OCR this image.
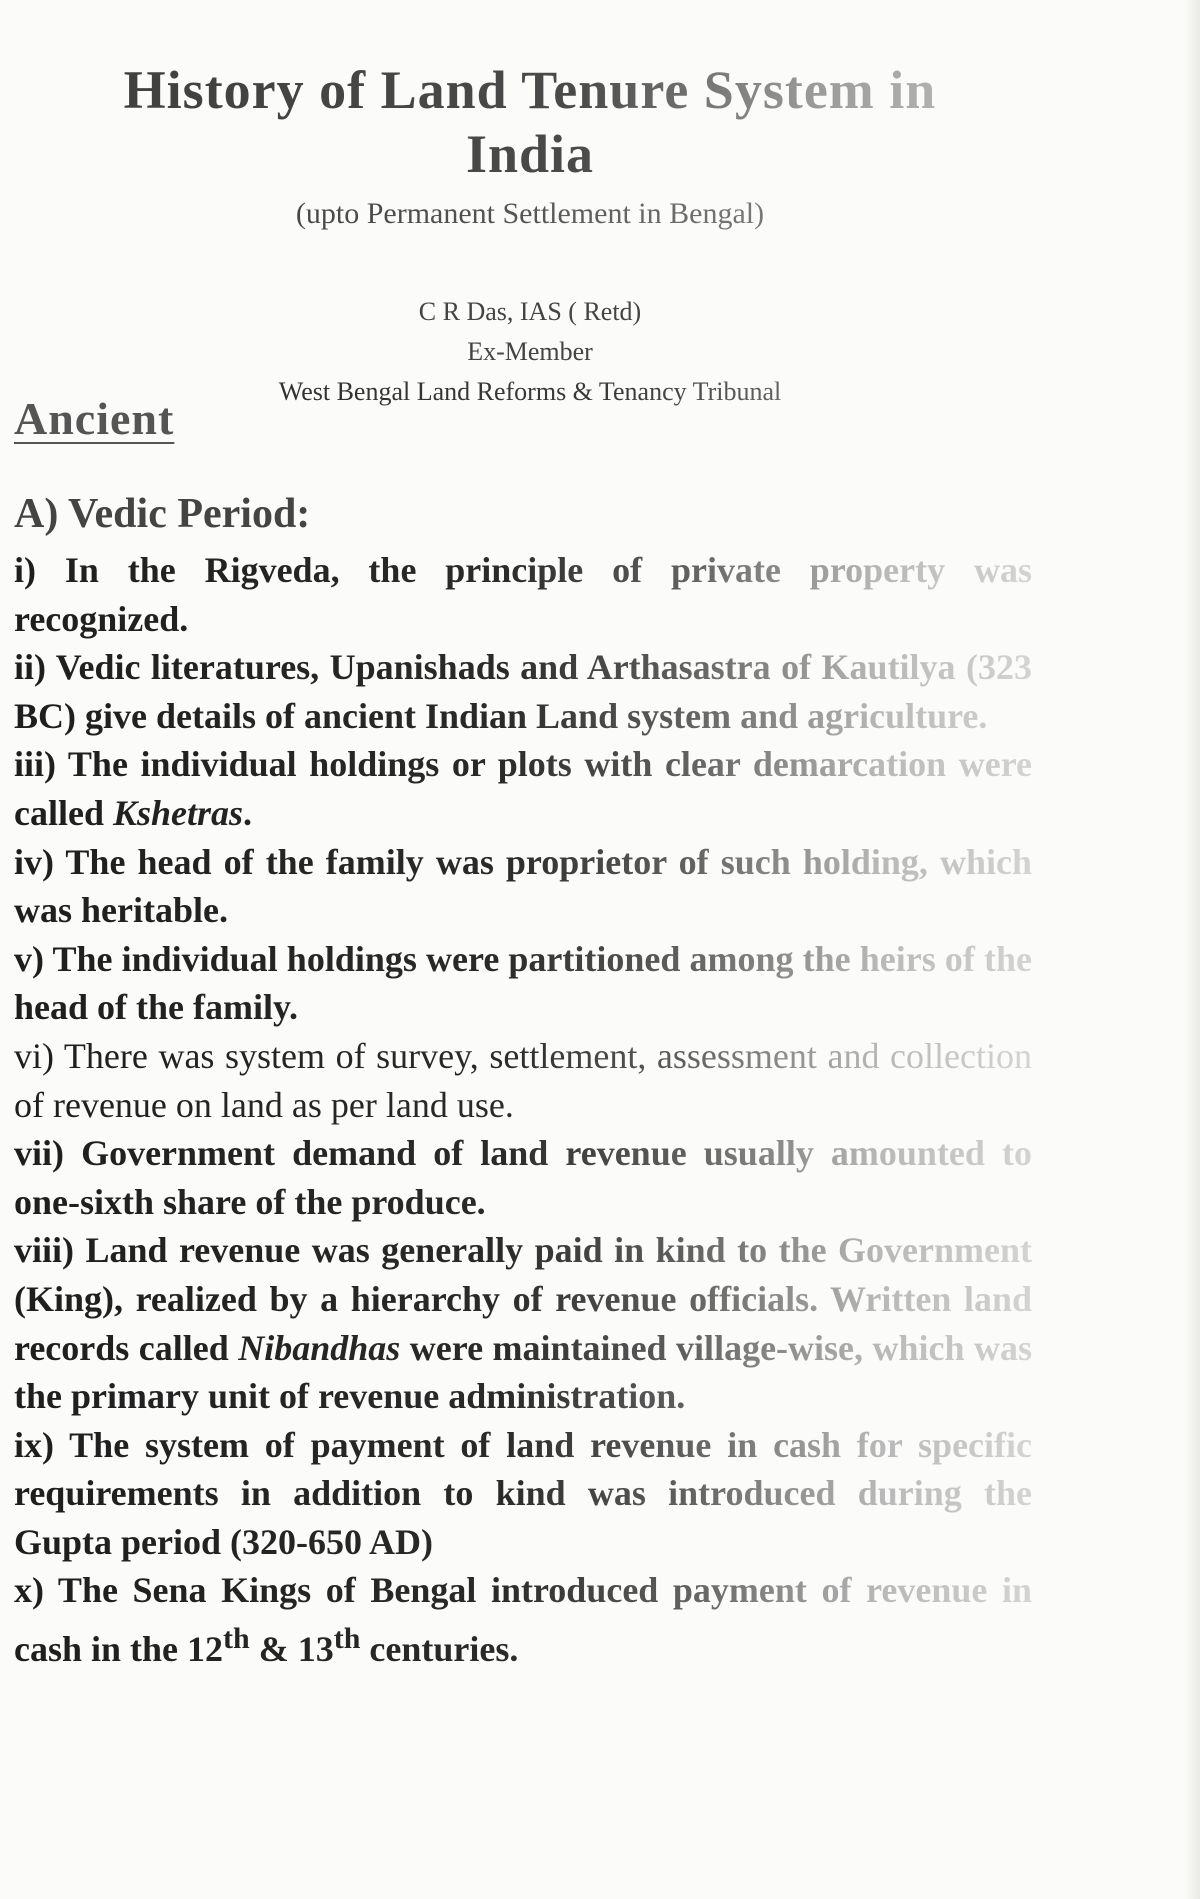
History of Land Tenure System in India
(upto Permanent Settlement in Bengal)
C R Das, IAS ( Retd)
Ex-Member
West Bengal Land Reforms & Tenancy Tribunal
Ancient
A) Vedic Period:

i) In the Rigveda, the principle of private property was recognized.

ii) Vedic literatures, Upanishads and Arthasastra of Kautilya (323 BC) give details of ancient Indian Land system and agriculture.

iii) The individual holdings or plots with clear demarcation were called Kshetras.

iv) The head of the family was proprietor of such holding, which was heritable.

v) The individual holdings were partitioned among the heirs of the head of the family.

vi) There was system of survey, settlement, assessment and collection of revenue on land as per land use.

vii) Government demand of land revenue usually amounted to one-sixth share of the produce.

viii) Land revenue was generally paid in kind to the Government (King), realized by a hierarchy of revenue officials. Written land records called Nibandhas were maintained village-wise, which was the primary unit of revenue administration.

ix) The system of payment of land revenue in cash for specific requirements in addition to kind was introduced during the Gupta period (320-650 AD)

x) The Sena Kings of Bengal introduced payment of revenue in cash in the 12th & 13th centuries.
